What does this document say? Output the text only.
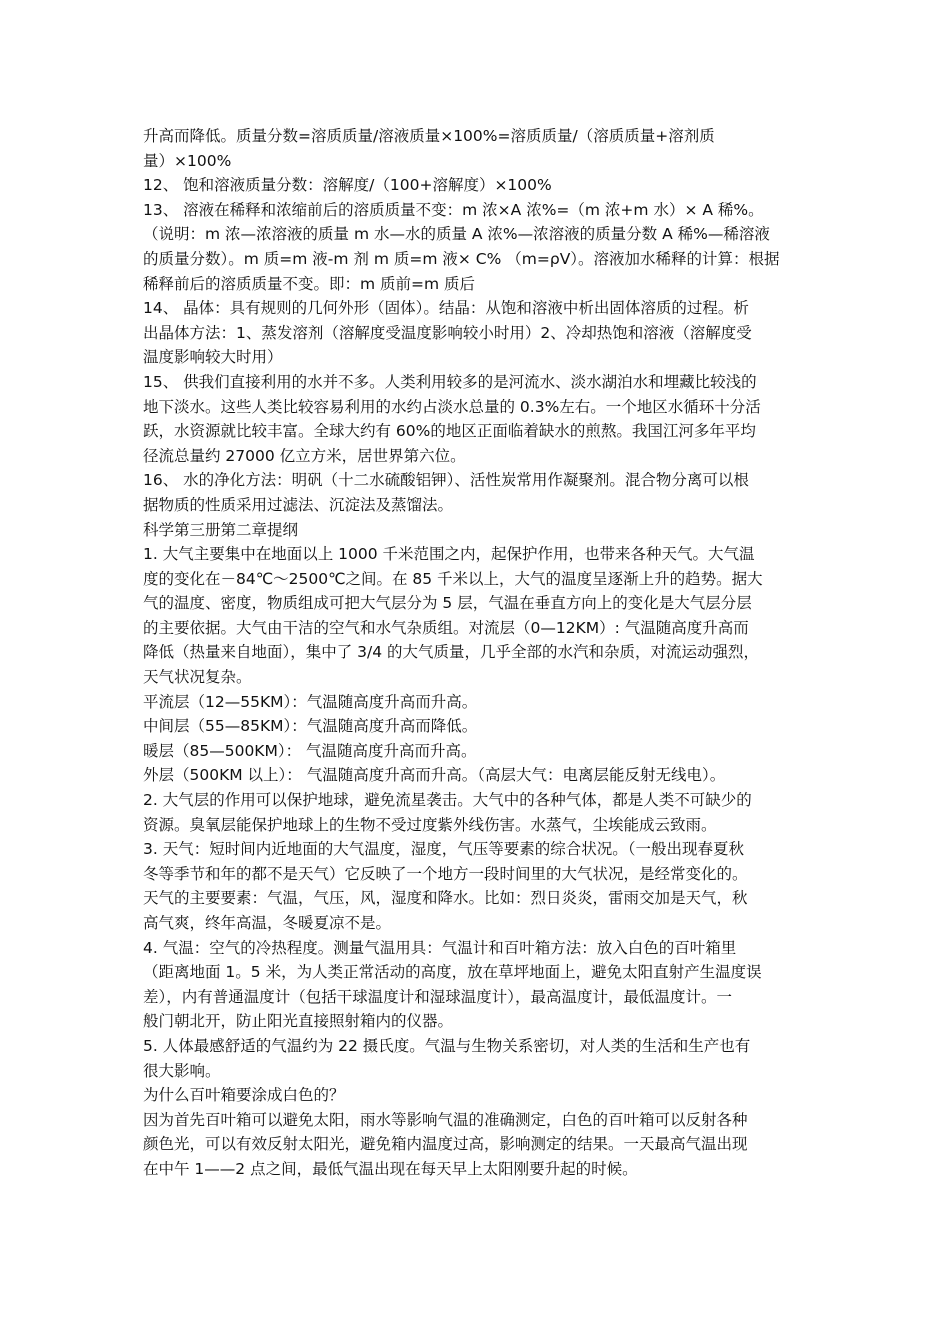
升高而降低。质量分数=溶质质量/溶液质量×100%=溶质质量/（溶质质量+溶剂质
量）×100%
12、 饱和溶液质量分数：溶解度/（100+溶解度）×100%
13、 溶液在稀释和浓缩前后的溶质质量不变：m 浓×A 浓%=（m 浓+m 水）× A 稀%。
（说明：m 浓—浓溶液的质量 m 水—水的质量 A 浓%—浓溶液的质量分数 A 稀%—稀溶液
的质量分数）。m 质=m 液-m 剂 m 质=m 液× C% （m=ρV）。溶液加水稀释的计算：根据
稀释前后的溶质质量不变。即：m 质前=m 质后
14、 晶体：具有规则的几何外形（固体）。结晶：从饱和溶液中析出固体溶质的过程。析
出晶体方法：1、蒸发溶剂（溶解度受温度影响较小时用）2、冷却热饱和溶液（溶解度受
温度影响较大时用）
15、 供我们直接利用的水并不多。人类利用较多的是河流水、淡水湖泊水和埋藏比较浅的
地下淡水。这些人类比较容易利用的水约占淡水总量的 0.3%左右。一个地区水循环十分活
跃，水资源就比较丰富。全球大约有 60%的地区正面临着缺水的煎熬。我国江河多年平均
径流总量约 27000 亿立方米，居世界第六位。
16、 水的净化方法：明矾（十二水硫酸铝钾）、活性炭常用作凝聚剂。混合物分离可以根
据物质的性质采用过滤法、沉淀法及蒸馏法。
科学第三册第二章提纲
1. 大气主要集中在地面以上 1000 千米范围之内，起保护作用，也带来各种天气。大气温
度的变化在－84℃～2500℃之间。在 85 千米以上，大气的温度呈逐渐上升的趋势。据大
气的温度、密度，物质组成可把大气层分为 5 层，气温在垂直方向上的变化是大气层分层
的主要依据。大气由干洁的空气和水气杂质组。对流层（0—12KM）: 气温随高度升高而
降低（热量来自地面），集中了 3/4 的大气质量，几乎全部的水汽和杂质，对流运动强烈，
天气状况复杂。
平流层（12—55KM）：气温随高度升高而升高。
中间层（55—85KM）：气温随高度升高而降低。
暖层（85—500KM）： 气温随高度升高而升高。
外层（500KM 以上）： 气温随高度升高而升高。（高层大气：电离层能反射无线电）。
2. 大气层的作用可以保护地球，避免流星袭击。大气中的各种气体，都是人类不可缺少的
资源。臭氧层能保护地球上的生物不受过度紫外线伤害。水蒸气，尘埃能成云致雨。
3. 天气：短时间内近地面的大气温度，湿度，气压等要素的综合状况。（一般出现春夏秋
冬等季节和年的都不是天气）它反映了一个地方一段时间里的大气状况，是经常变化的。
天气的主要要素：气温，气压，风，湿度和降水。比如：烈日炎炎，雷雨交加是天气，秋
高气爽，终年高温，冬暖夏凉不是。
4. 气温：空气的冷热程度。测量气温用具：气温计和百叶箱方法：放入白色的百叶箱里
（距离地面 1。5 米，为人类正常活动的高度，放在草坪地面上，避免太阳直射产生温度误
差），内有普通温度计（包括干球温度计和湿球温度计），最高温度计，最低温度计。一
般门朝北开，防止阳光直接照射箱内的仪器。
5. 人体最感舒适的气温约为 22 摄氏度。气温与生物关系密切，对人类的生活和生产也有
很大影响。
为什么百叶箱要涂成白色的？
因为首先百叶箱可以避免太阳，雨水等影响气温的准确测定，白色的百叶箱可以反射各种
颜色光，可以有效反射太阳光，避免箱内温度过高，影响测定的结果。一天最高气温出现
在中午 1——2 点之间，最低气温出现在每天早上太阳刚要升起的时候。
